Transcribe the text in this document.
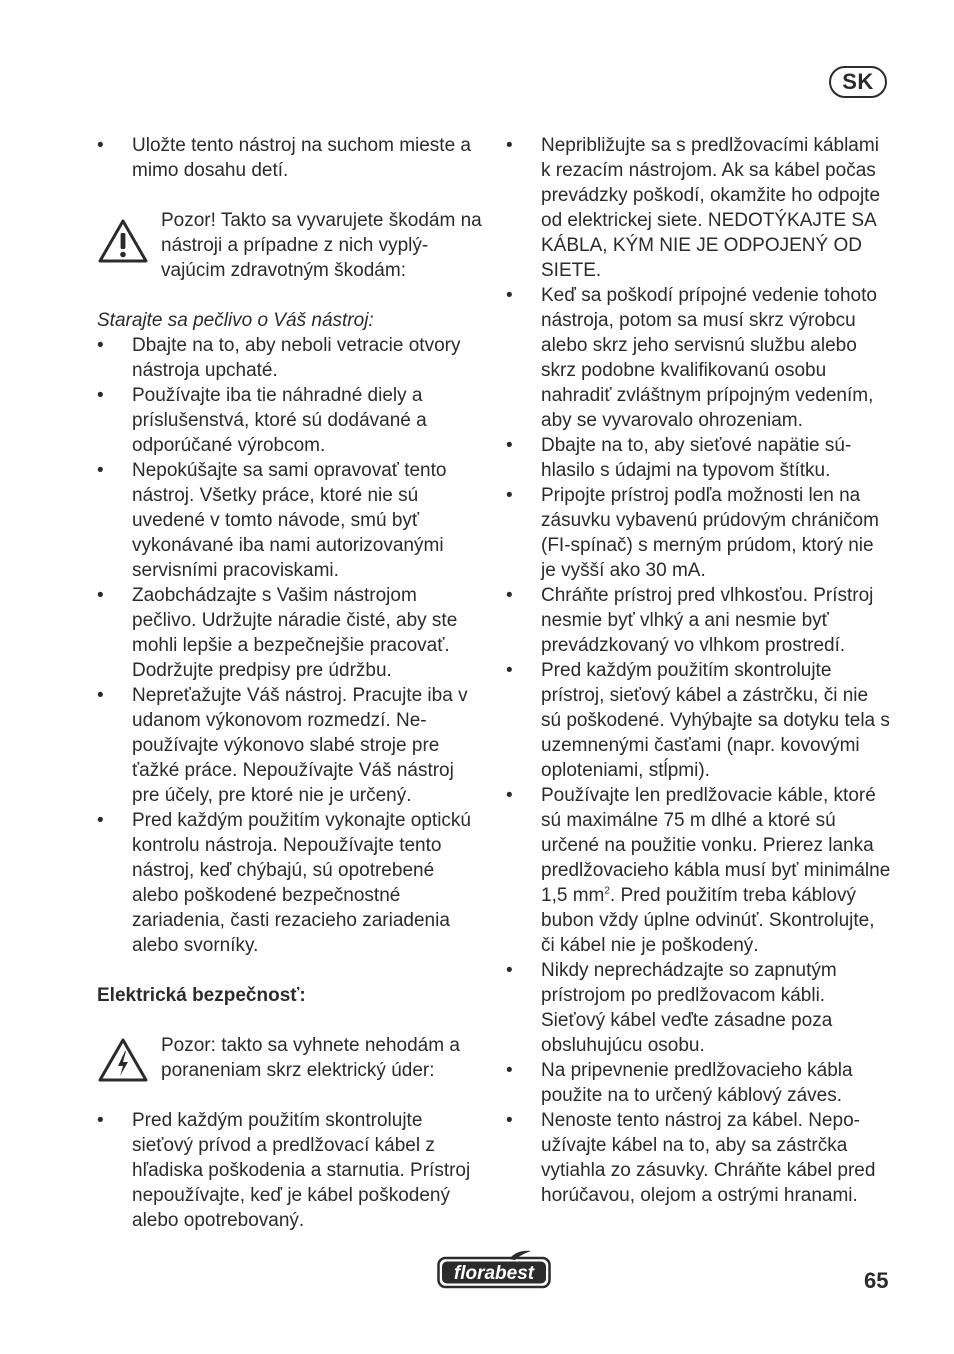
SK
• Uložte tento nástroj na suchom mieste a mimo dosahu detí.
Pozor! Takto sa vyvarujete škodám na nástroji a prípadne z nich vyplývajúcim zdravotným škodám:
Starajte sa pečlivo o Váš nástroj:
• Dbajte na to, aby neboli vetracie otvory nástroja upchaté.
• Používajte iba tie náhradné diely a príslušenstvá, ktoré sú dodávané a odporúčané výrobcom.
• Nepokúšajte sa sami opravovať tento nástroj. Všetky práce, ktoré nie sú uvedené v tomto návode, smú byť vykonávané iba nami autorizovanými servisními pracoviskami.
• Zaobchádzajte s Vašim nástrojom pečlivo. Udržujte náradie čisté, aby ste mohli lepšie a bezpečnejšie pracovať. Dodržujte predpisy pre údržbu.
• Nepreťažujte Váš nástroj. Pracujte iba v udanom výkonovom rozmedzí. Nepoužívajte výkonovo slabé stroje pre ťažké práce. Nepoužívajte Váš nástroj pre účely, pre ktoré nie je určený.
• Pred každým použitím vykonajte optickú kontrolu nástroja. Nepoužívajte tento nástroj, keď chýbajú, sú opotrebené alebo poškodené bezpečnostné zariadenia, časti rezacieho zariadenia alebo svorníky.
Elektrická bezpečnosť:
Pozor: takto sa vyhnete nehodám a poraneniam skrz elektrický úder:
• Pred každým použitím skontrolujte sieťový prívod a predlžovací kábel z hľadiska poškodenia a starnutia. Prístroj nepoužívajte, keď je kábel poškodený alebo opotrebovaný.
• Nepribližujte sa s predlžovacími káblami k rezacím nástrojom. Ak sa kábel počas prevádzky poškodí, okamžite ho odpojte od elektrickej siete. NEDOTÝKAJTE SA KÁBLA, KÝM NIE JE ODPOJENÝ OD SIETE.
• Keď sa poškodí prípojné vedenie tohoto nástroja, potom sa musí skrz výrobcu alebo skrz jeho servisnú službu alebo skrz podobne kvalifikovanú osobu nahradiť zvláštnym prípojným vedením, aby se vyvarovalo ohrozeniam.
• Dbajte na to, aby sieťové napätie súhlasilo s údajmi na typovom štítku.
• Pripojte prístroj podľa možnosti len na zásuvku vybavenú prúdovým chráničom (FI-spínač) s merným prúdom, ktorý nie je vyšší ako 30 mA.
• Chráňte prístroj pred vlhkosťou. Prístroj nesmie byť vlhký a ani nesmie byť prevádzkovaný vo vlhkom prostredí.
• Pred každým použitím skontrolujte prístroj, sieťový kábel a zástrčku, či nie sú poškodené. Vyhýbajte sa dotyku tela s uzemnenými časťami (napr. kovovými oploteniami, stĺpmi).
• Používajte len predlžovacie káble, ktoré sú maximálne 75 m dlhé a ktoré sú určené na použitie vonku. Prierez lanka predlžovacieho kábla musí byť minimálne 1,5 $mm^2$. Pred použitím treba káblový bubon vždy úplne odvinúť. Skontrolujte, či kábel nie je poškodený.
• Nikdy neprechádzajte so zapnutým prístrojom po predlžovacom kábli. Sieťový kábel veďte zásadne poza obsluhujúcu osobu.
• Na pripevnenie predlžovacieho kábla použite na to určený káblový záves.
• Nenoste tento nástroj za kábel. Nepoužívajte kábel na to, aby sa zástrčka vytiahla zo zásuvky. Chráňte kábel pred horúčavou, olejom a ostrými hranami.
florabest	65
